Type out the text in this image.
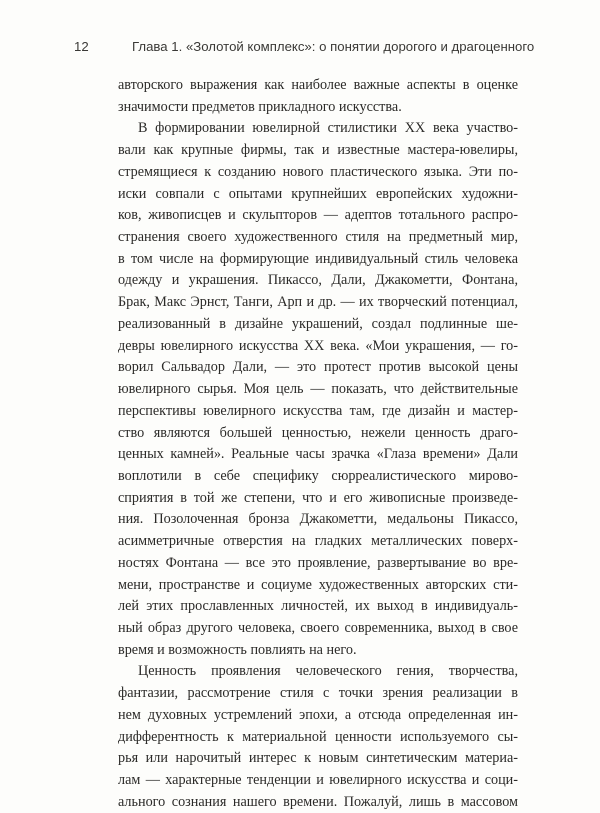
12	Глава 1. «Золотой комплекс»: о понятии дорогого и драгоценного
авторского выражения как наиболее важные аспекты в оценке
значимости предметов прикладного искусства.
В формировании ювелирной стилистики XX века участво-
вали как крупные фирмы, так и известные мастера-ювелиры,
стремящиеся к созданию нового пластического языка. Эти по-
иски совпали с опытами крупнейших европейских художни-
ков, живописцев и скульпторов — адептов тотального распро-
странения своего художественного стиля на предметный мир,
в том числе на формирующие индивидуальный стиль человека
одежду и украшения. Пикассо, Дали, Джакометти, Фонтана,
Брак, Макс Эрнст, Танги, Арп и др. — их творческий потенциал,
реализованный в дизайне украшений, создал подлинные ше-
девры ювелирного искусства XX века. «Мои украшения, — го-
ворил Сальвадор Дали, — это протест против высокой цены
ювелирного сырья. Моя цель — показать, что действительные
перспективы ювелирного искусства там, где дизайн и мастер-
ство являются большей ценностью, нежели ценность драго-
ценных камней». Реальные часы зрачка «Глаза времени» Дали
воплотили в себе специфику сюрреалистического мирово-
сприятия в той же степени, что и его живописные произведе-
ния. Позолоченная бронза Джакометти, медальоны Пикассо,
асимметричные отверстия на гладких металлических поверх-
ностях Фонтана — все это проявление, развертывание во вре-
мени, пространстве и социуме художественных авторских сти-
лей этих прославленных личностей, их выход в индивидуаль-
ный образ другого человека, своего современника, выход в свое
время и возможность повлиять на него.
Ценность проявления человеческого гения, творчества,
фантазии, рассмотрение стиля с точки зрения реализации в
нем духовных устремлений эпохи, а отсюда определенная ин-
дифферентность к материальной ценности используемого сы-
рья или нарочитый интерес к новым синтетическим материа-
лам — характерные тенденции и ювелирного искусства и соци-
ального сознания нашего времени. Пожалуй, лишь в массовом
